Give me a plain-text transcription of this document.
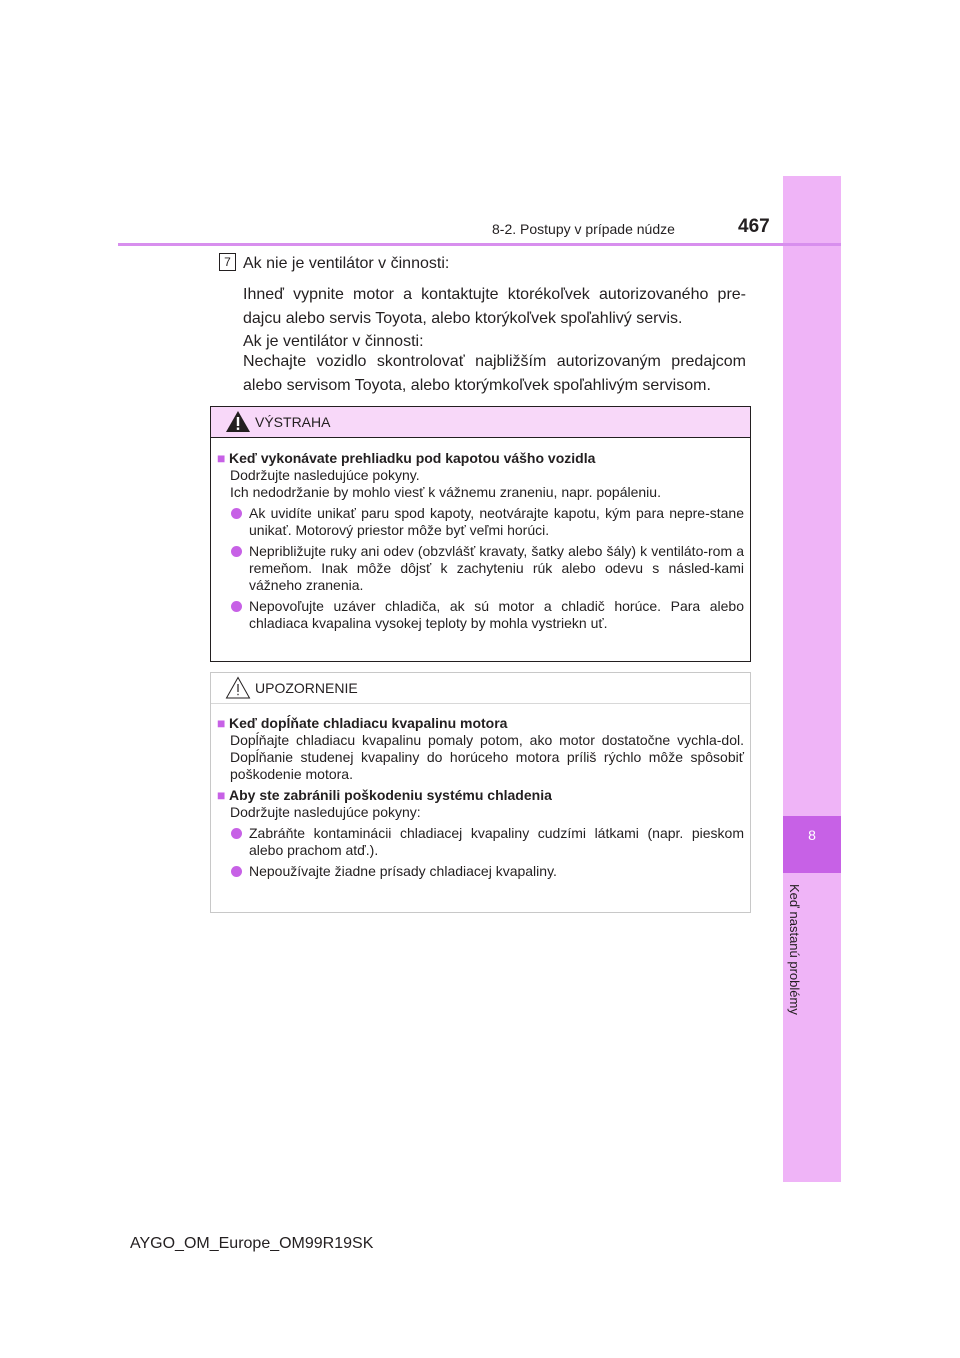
8
Keď nastanú problémy
8-2. Postupy v prípade núdze	467
7 Ak nie je ventilátor v činnosti:
Ihneď vypnite motor a kontaktujte ktorékoľvek autorizovaného pre-dajcu alebo servis Toyota, alebo ktorýkoľvek spoľahlivý servis.
Ak je ventilátor v činnosti:
Nechajte vozidlo skontrolovať najbližším autorizovaným predajcom alebo servisom Toyota, alebo ktorýmkoľvek spoľahlivým servisom.
VÝSTRAHA
■ Keď vykonávate prehliadku pod kapotou vášho vozidla
Dodržujte nasledujúce pokyny.
Ich nedodržanie by mohlo viesť k vážnemu zraneniu, napr. popáleniu.
Ak uvidíte unikať paru spod kapoty, neotvárajte kapotu, kým para nepre-stane unikať. Motorový priestor môže byť veľmi horúci.
Nepribližujte ruky ani odev (obzvlášť kravaty, šatky alebo šály) k ventiláto-rom a remeňom. Inak môže dôjsť k zachyteniu rúk alebo odevu s násled-kami vážneho zranenia.
Nepovoľujte uzáver chladiča, ak sú motor a chladič horúce. Para alebo chladiaca kvapalina vysokej teploty by mohla vystriekn uť.
UPOZORNENIE
■ Keď dopĺňate chladiacu kvapalinu motora
Dopĺňajte chladiacu kvapalinu pomaly potom, ako motor dostatočne vychla-dol. Dopĺňanie studenej kvapaliny do horúceho motora príliš rýchlo môže spôsobiť poškodenie motora.
■ Aby ste zabránili poškodeniu systému chladenia
Dodržujte nasledujúce pokyny:
Zabráňte kontaminácii chladiacej kvapaliny cudzími látkami (napr. pieskom alebo prachom atď.).
Nepoužívajte žiadne prísady chladiacej kvapaliny.
AYGO_OM_Europe_OM99R19SK
